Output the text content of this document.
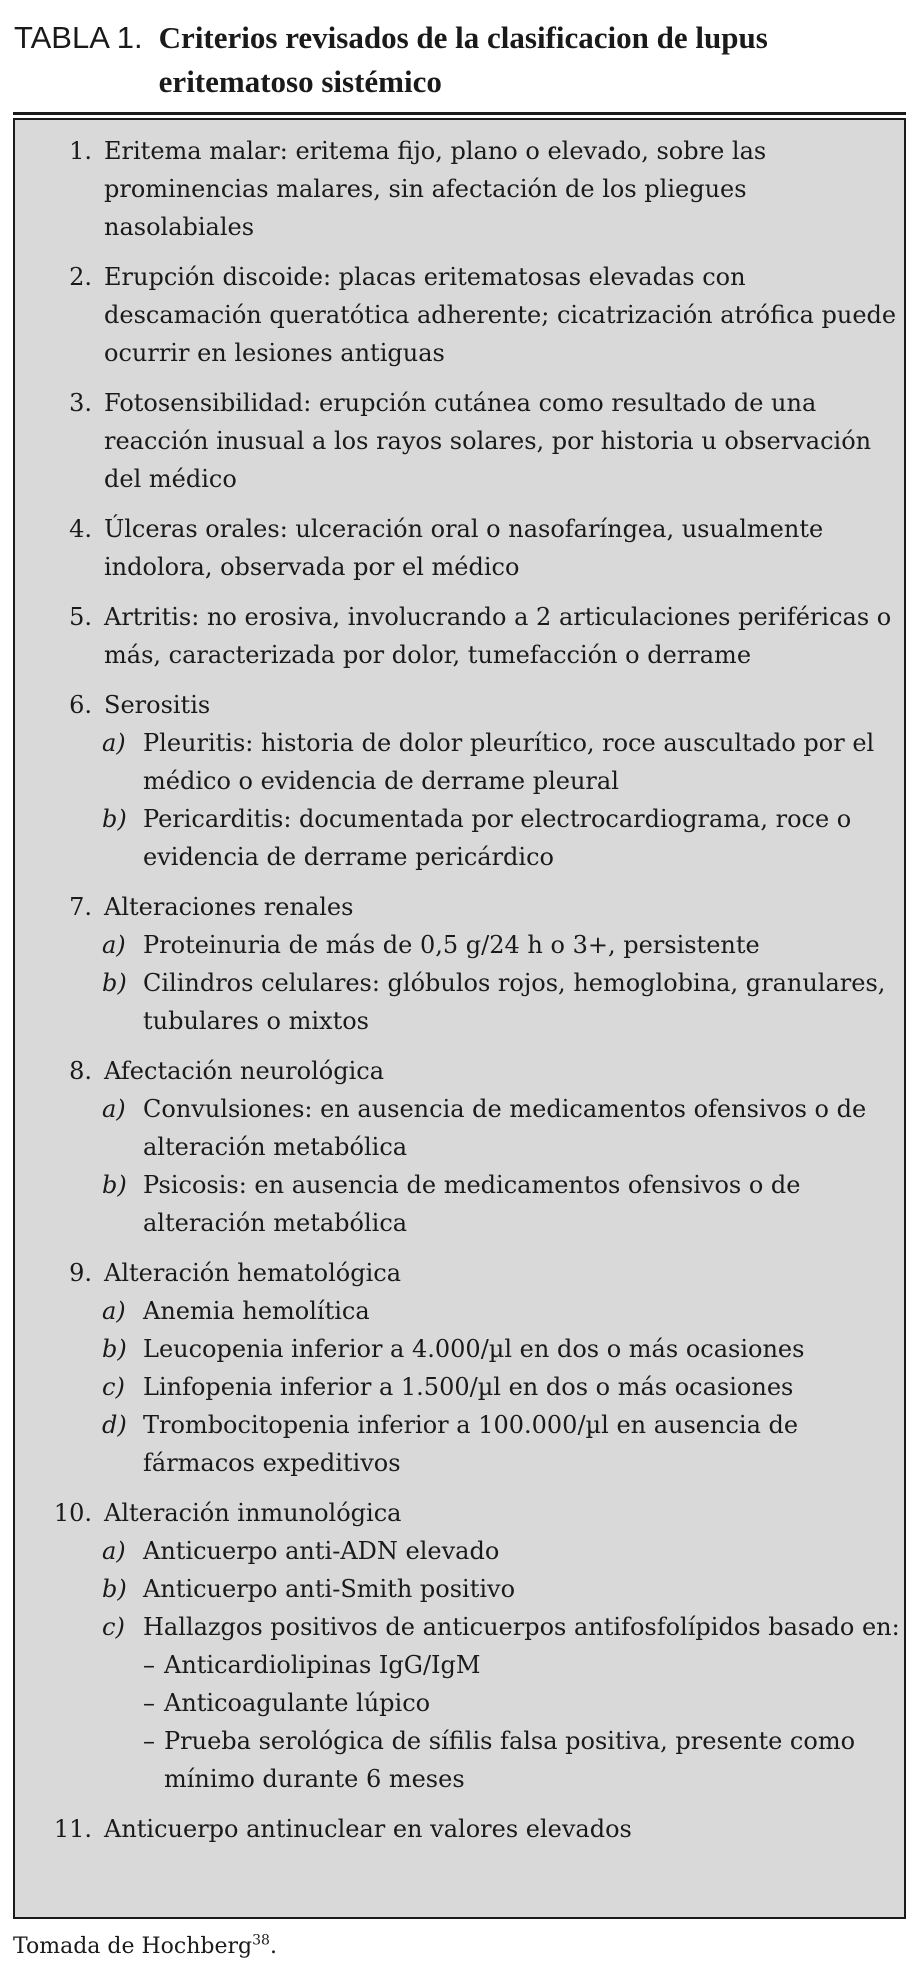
TABLA 1. Criterios revisados de la clasificacion de lupus eritematoso sistémico
1. Eritema malar: eritema fijo, plano o elevado, sobre las prominencias malares, sin afectación de los pliegues nasolabiales
2. Erupción discoide: placas eritematosas elevadas con descamación queratótica adherente; cicatrización atrófica puede ocurrir en lesiones antiguas
3. Fotosensibilidad: erupción cutánea como resultado de una reacción inusual a los rayos solares, por historia u observación del médico
4. Úlceras orales: ulceración oral o nasofaríngea, usualmente indolora, observada por el médico
5. Artritis: no erosiva, involucrando a 2 articulaciones periféricas o más, caracterizada por dolor, tumefacción o derrame
6. Serositis
a) Pleuritis: historia de dolor pleurítico, roce auscultado por el médico o evidencia de derrame pleural
b) Pericarditis: documentada por electrocardiograma, roce o evidencia de derrame pericárdico
7. Alteraciones renales
a) Proteinuria de más de 0,5 g/24 h o 3+, persistente
b) Cilindros celulares: glóbulos rojos, hemoglobina, granulares, tubulares o mixtos
8. Afectación neurológica
a) Convulsiones: en ausencia de medicamentos ofensivos o de alteración metabólica
b) Psicosis: en ausencia de medicamentos ofensivos o de alteración metabólica
9. Alteración hematológica
a) Anemia hemolítica
b) Leucopenia inferior a 4.000/µl en dos o más ocasiones
c) Linfopenia inferior a 1.500/µl en dos o más ocasiones
d) Trombocitopenia inferior a 100.000/µl en ausencia de fármacos expeditivos
10. Alteración inmunológica
a) Anticuerpo anti-ADN elevado
b) Anticuerpo anti-Smith positivo
c) Hallazgos positivos de anticuerpos antifosfolípidos basado en:
– Anticardiolipinas IgG/IgM
– Anticoagulante lúpico
– Prueba serológica de sífilis falsa positiva, presente como mínimo durante 6 meses
11. Anticuerpo antinuclear en valores elevados
Tomada de Hochberg$^{38}$.
